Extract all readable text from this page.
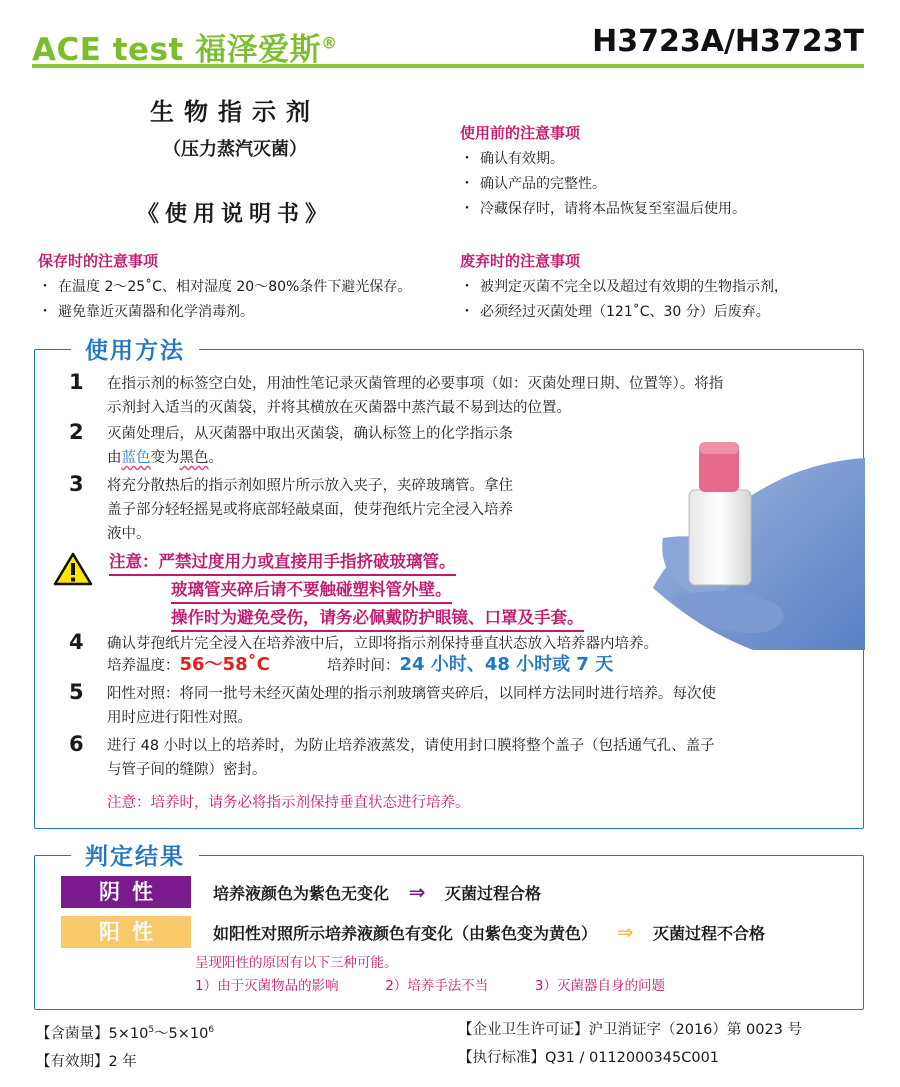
ACE test 福泽爱斯®	H3723A/H3723T
生物指示剂
（压力蒸汽灭菌）
《使用说明书》
使用前的注意事项
・ 确认有效期。
・ 确认产品的完整性。
・ 冷藏保存时，请将本品恢复至室温后使用。
保存时的注意事项
・ 在温度 2～25˚C、相对湿度 20～80%条件下避光保存。
・ 避免靠近灭菌器和化学消毒剂。
废弃时的注意事项
・ 被判定灭菌不完全以及超过有效期的生物指示剂，
・ 必须经过灭菌处理（121˚C、30 分）后废弃。
使用方法
1 在指示剂的标签空白处，用油性笔记录灭菌管理的必要事项（如：灭菌处理日期、位置等）。将指
示剂封入适当的灭菌袋，并将其横放在灭菌器中蒸汽最不易到达的位置。
2 灭菌处理后，从灭菌器中取出灭菌袋，确认标签上的化学指示条
由蓝色变为黑色。
3 将充分散热后的指示剂如照片所示放入夹子，夹碎玻璃管。拿住
盖子部分轻轻摇晃或将底部轻敲桌面，使芽孢纸片完全浸入培养
液中。
注意：严禁过度用力或直接用手指挤破玻璃管。
玻璃管夹碎后请不要触碰塑料管外壁。
操作时为避免受伤，请务必佩戴防护眼镜、口罩及手套。
4 确认芽孢纸片完全浸入在培养液中后，立即将指示剂保持垂直状态放入培养器内培养。
培养温度：56～58˚C	培养时间：24 小时、48 小时或 7 天
5 阳性对照：将同一批号未经灭菌处理的指示剂玻璃管夹碎后，以同样方法同时进行培养。每次使
用时应进行阳性对照。
6 进行 48 小时以上的培养时，为防止培养液蒸发，请使用封口膜将整个盖子（包括通气孔、盖子
与管子间的缝隙）密封。
注意：培养时，请务必将指示剂保持垂直状态进行培养。
判定结果
阴性	培养液颜色为紫色无变化 ⇒ 灭菌过程合格
阳性	如阳性对照所示培养液颜色有变化（由紫色变为黄色） ⇒ 灭菌过程不合格
呈现阳性的原因有以下三种可能。
1）由于灭菌物品的影响	2）培养手法不当	3）灭菌器自身的问题
【含菌量】$5\times 10^5\sim 5\times 10^6$
【有效期】2 年
【企业卫生许可证】沪卫消证字（2016）第 0023 号
【执行标准】Q31 / 0112000345C001
